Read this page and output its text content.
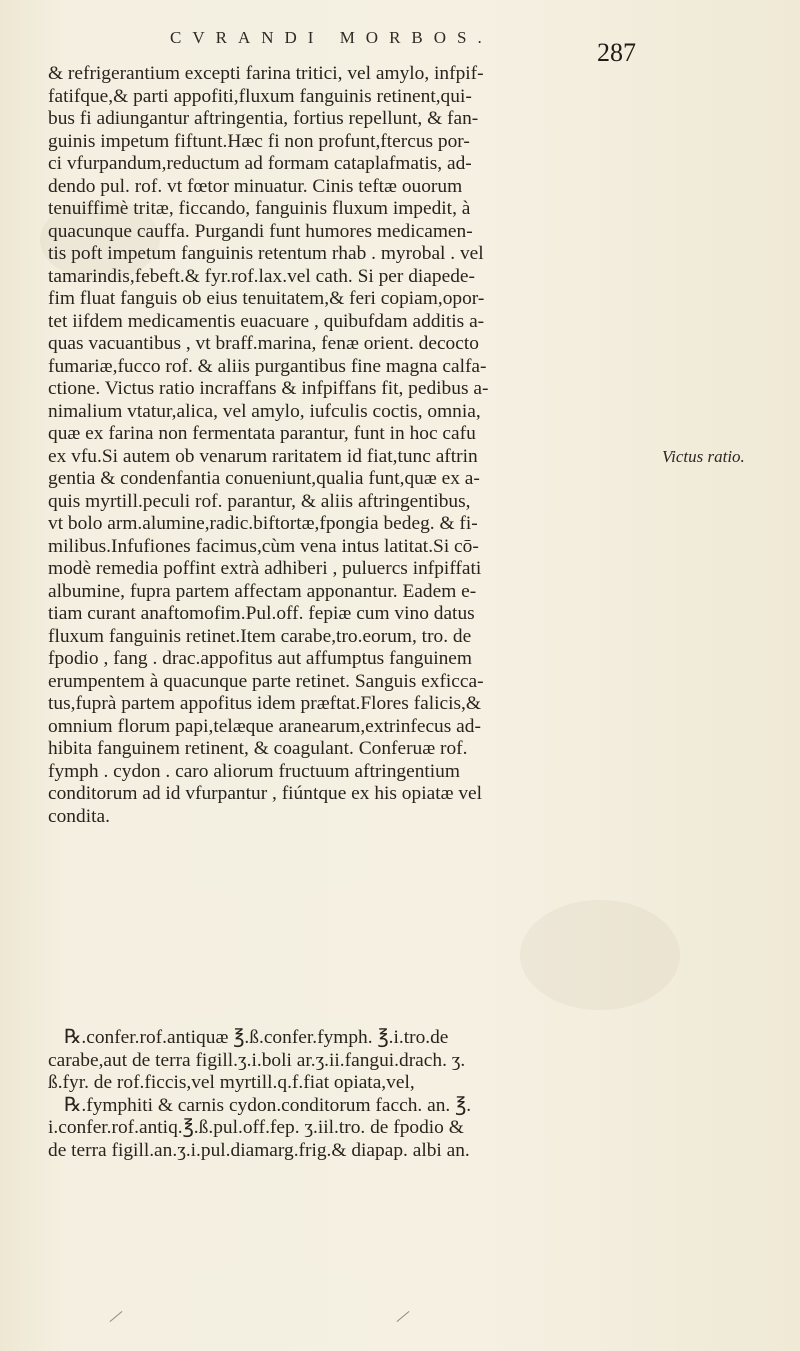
CVRANDI MORBOS.
287
& refrigerantium excepti farina tritici, vel amylo, infpif-
fatifque,& parti appofiti,fluxum fanguinis retinent,qui-
bus fi adiungantur aftringentia, fortius repellunt, & fan-
guinis impetum fiftunt.Hæc fi non profunt,ftercus por-
ci vfurpandum,reductum ad formam cataplafmatis, ad-
dendo pul. rof. vt fœtor minuatur. Cinis teftæ ouorum
tenuiffimè tritæ, ficcando, fanguinis fluxum impedit, à
quacunque cauffa. Purgandi funt humores medicamen-
tis poft impetum fanguinis retentum rhab . myrobal . vel
tamarindis,febeft.& fyr.rof.lax.vel cath. Si per diapede-
fim fluat fanguis ob eius tenuitatem,& feri copiam,opor-
tet iifdem medicamentis euacuare , quibufdam additis a-
quas vacuantibus , vt braff.marina, fenæ orient. decocto
fumariæ,fucco rof. & aliis purgantibus fine magna calfa-
ctione. Victus ratio incraffans & infpiffans fit, pedibus a-
nimalium vtatur,alica, vel amylo, iufculis coctis, omnia,
quæ ex farina non fermentata parantur, funt in hoc cafu
ex vfu.Si autem ob venarum raritatem id fiat,tunc aftrin
gentia & condenfantia conueniunt,qualia funt,quæ ex a-
quis myrtill.peculi rof. parantur, & aliis aftringentibus,
vt bolo arm.alumine,radic.biftortæ,fpongia bedeg. & fi-
milibus.Infufiones facimus,cùm vena intus latitat.Si cō-
modè remedia poffint extrà adhiberi , puluercs infpiffati
albumine, fupra partem affectam apponantur. Eadem e-
tiam curant anaftomofim.Pul.off. fepiæ cum vino datus
fluxum fanguinis retinet.Item carabe,tro.eorum, tro. de
fpodio , fang . drac.appofitus aut affumptus fanguinem
erumpentem à quacunque parte retinet. Sanguis exficca-
tus,fuprà partem appofitus idem præftat.Flores falicis,&
omnium florum papi,telæque aranearum,extrinfecus ad-
hibita fanguinem retinent, & coagulant. Conferuæ rof.
fymph . cydon . caro aliorum fructuum aftringentium
conditorum ad id vfurpantur , fiúntque ex his opiatæ vel
condita.
Victus ratio.
℞.confer.rof.antiquæ ℥.ß.confer.fymph. ℥.i.tro.de
carabe,aut de terra figill.ʒ.i.boli ar.ʒ.ii.fangui.drach. ʒ.
ß.fyr. de rof.ficcis,vel myrtill.q.f.fiat opiata,vel,
℞.fymphiti & carnis cydon.conditorum facch. an. ℥.
i.confer.rof.antiq.℥.ß.pul.off.fep. ʒ.iil.tro. de fpodio &
de terra figill.an.ʒ.i.pul.diamarg.frig.& diapap. albi an.
